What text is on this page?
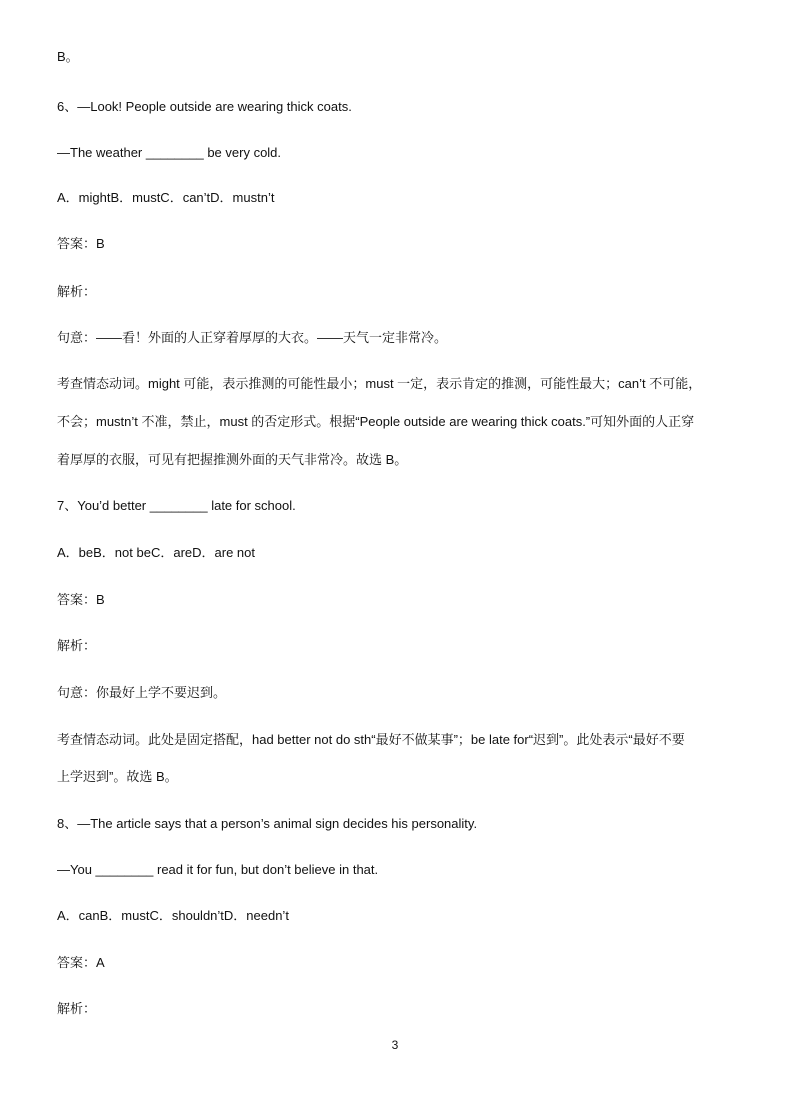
B。
6、—Look! People outside are wearing thick coats.
—The weather ________ be very cold.
A．mightB．mustC．can’tD．mustn’t
答案：B
解析：
句意：——看！外面的人正穿着厚厚的大衣。——天气一定非常冷。
考查情态动词。might 可能，表示推测的可能性最小；must 一定，表示肯定的推测，可能性最大；can’t 不可能，
不会；mustn’t 不准，禁止，must 的否定形式。根据“People outside are wearing thick coats.”可知外面的人正穿
着厚厚的衣服，可见有把握推测外面的天气非常冷。故选 B。
7、You’d better ________ late for school.
A．beB．not beC．areD．are not
答案：B
解析：
句意：你最好上学不要迟到。
考查情态动词。此处是固定搭配，had better not do sth“最好不做某事”；be late for“迟到”。此处表示“最好不要
上学迟到”。故选 B。
8、—The article says that a person’s animal sign decides his personality.
—You ________ read it for fun, but don’t believe in that.
A．canB．mustC．shouldn’tD．needn’t
答案：A
解析：
3
